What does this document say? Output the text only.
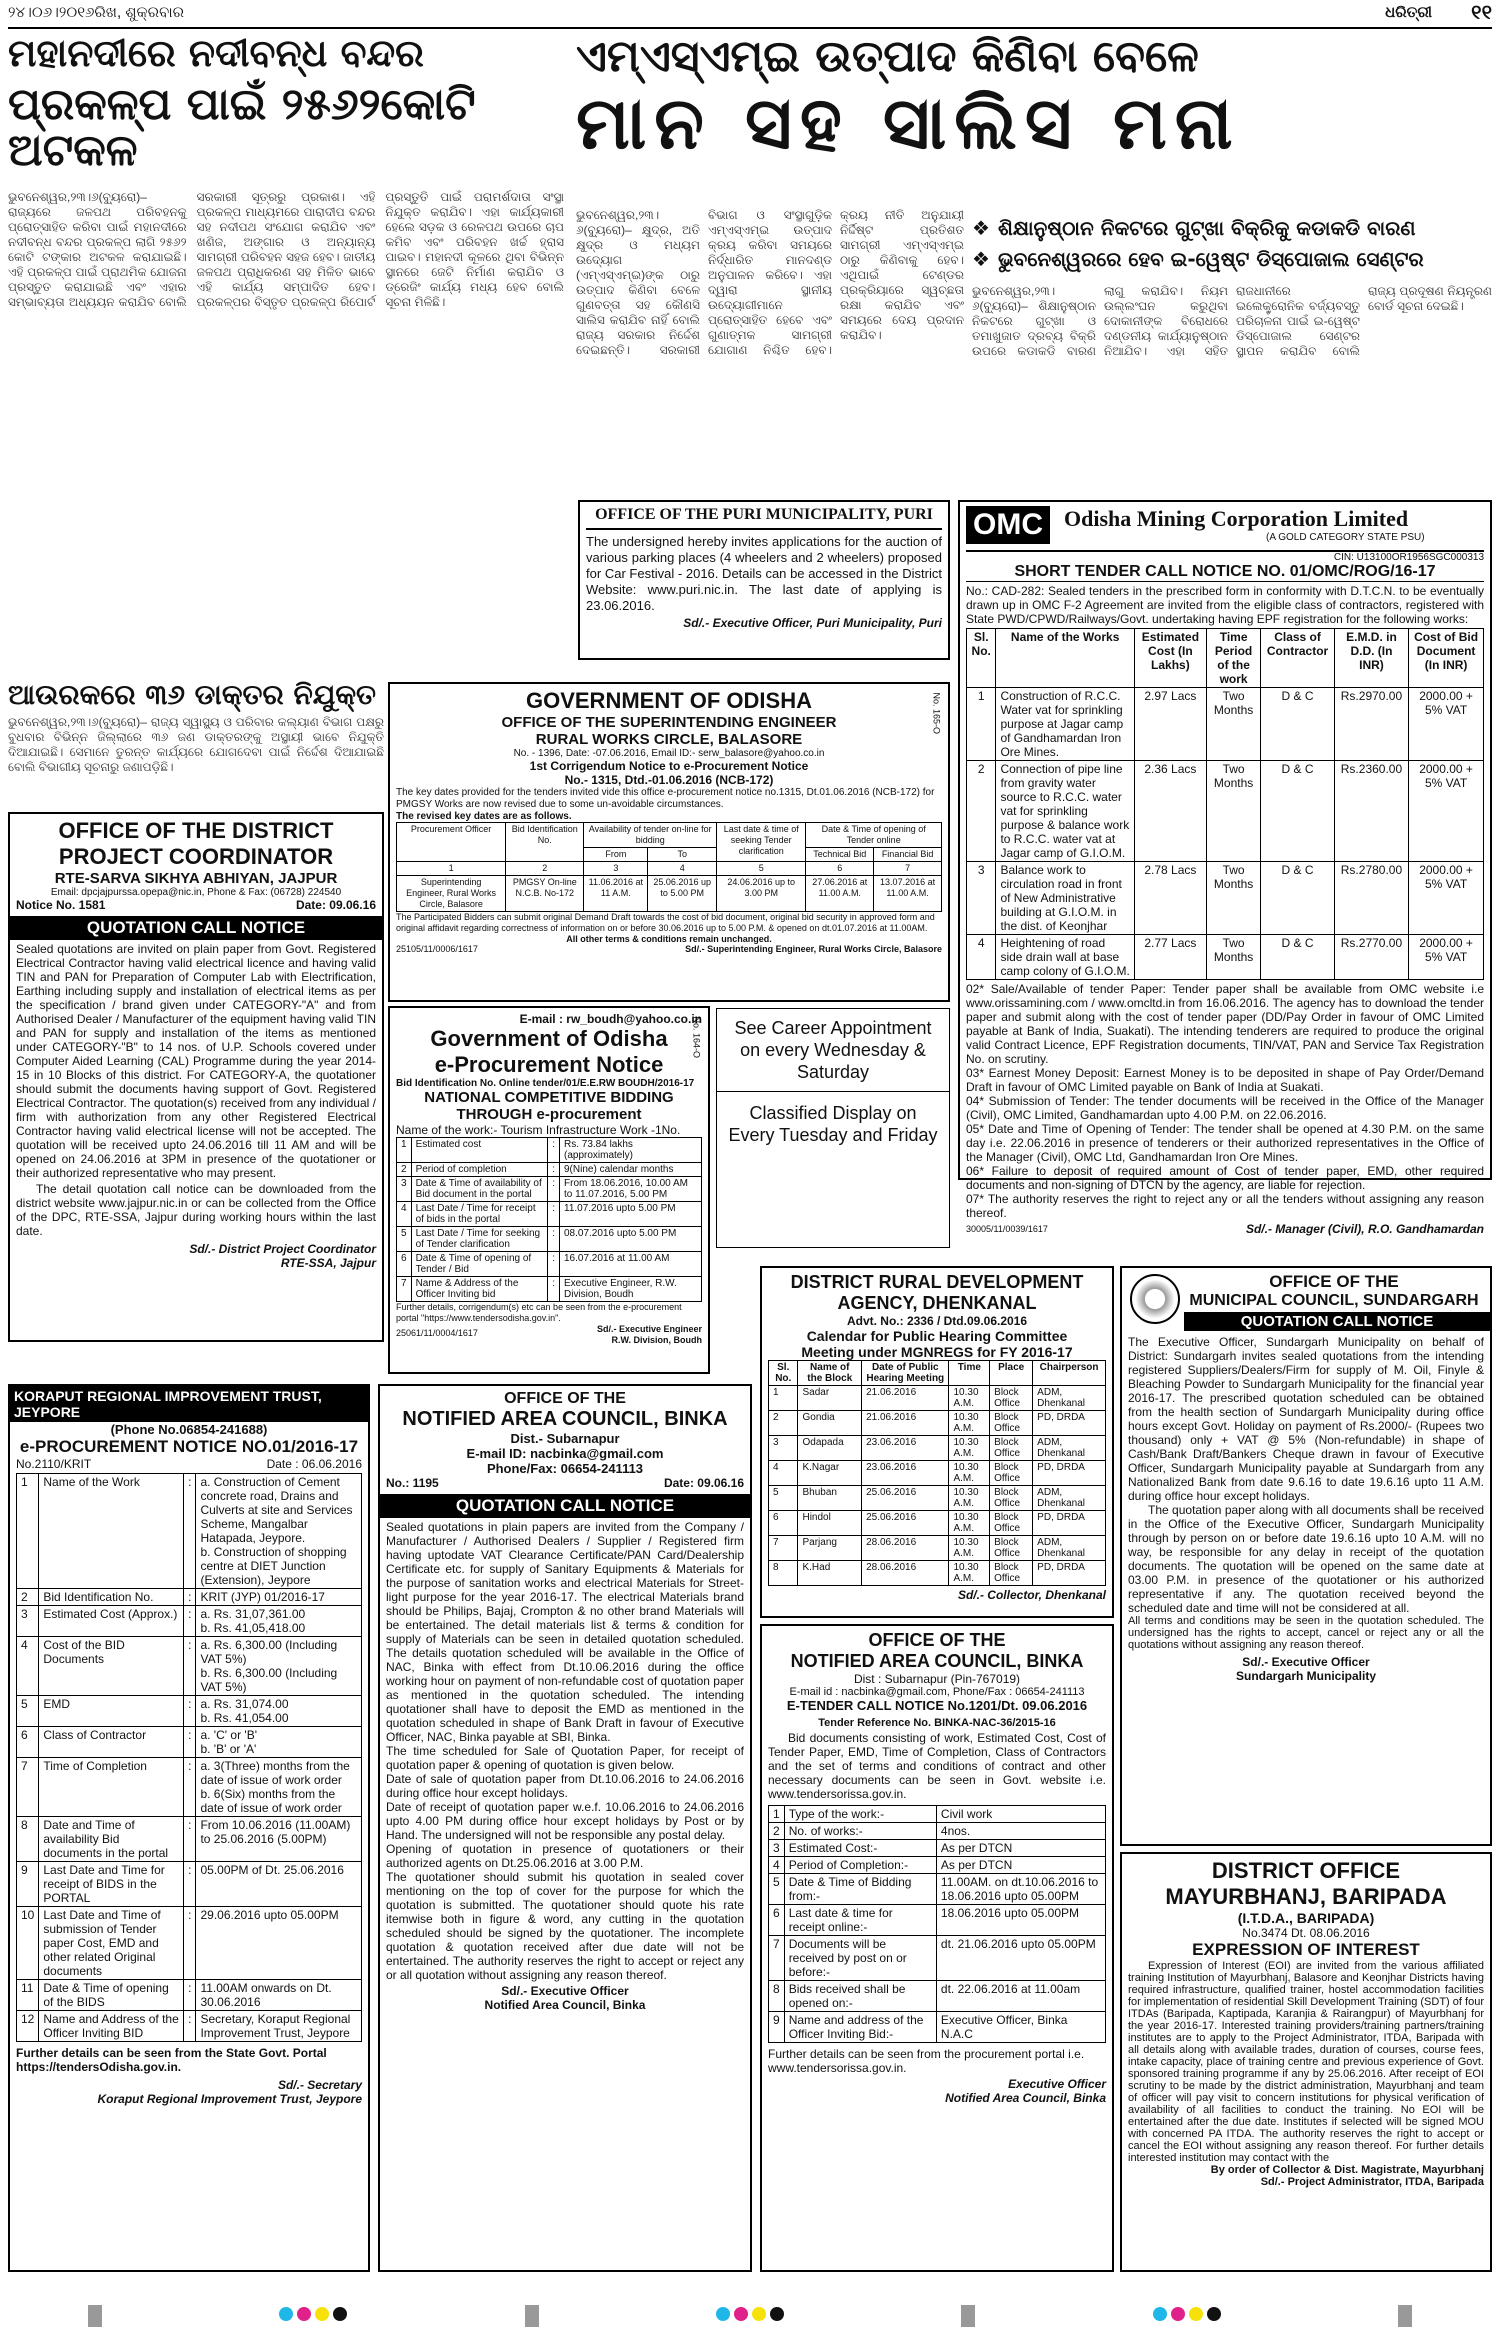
୨୪।୦୬।୨୦୧୬ରିଖ, ଶୁକ୍ରବାର	ଧରିତ୍ରୀ ୧୧
ମହାନଦୀରେ ନଦୀବନ୍ଧ ବନ୍ଦର
ପ୍ରକଳ୍ପ ପାଇଁ ୨୫୬୨କୋଟି ଅଟକଳ
ଭୁବନେଶ୍ୱର,୨୩।୬(ବ୍ୟୁରୋ)– ରାଜ୍ୟରେ ଜଳପଥ ପରିବହନକୁ ପ୍ରୋତ୍ସାହିତ କରିବା ପାଇଁ ମହାନଦୀରେ ନଦୀବନ୍ଧ ବନ୍ଦର ପ୍ରକଳ୍ପ ଲାଗି ୨୫୬୨ କୋଟି ଟଙ୍କାର ଅଟକଳ କରାଯାଇଛି। ଏହି ପ୍ରକଳ୍ପ ପାଇଁ ପ୍ରାଥମିକ ଯୋଜନା ପ୍ରସ୍ତୁତ କରାଯାଇଛି ଏବଂ ଏହାର ସମ୍ଭାବ୍ୟତା ଅଧ୍ୟୟନ କରାଯିବ ବୋଲି ସରକାରୀ ସୂତ୍ରରୁ ପ୍ରକାଶ। ଏହି ପ୍ରକଳ୍ପ ମାଧ୍ୟମରେ ପାରାଦୀପ ବନ୍ଦର ସହ ନଦୀପଥ ସଂଯୋଗ କରାଯିବ ଏବଂ ଖଣିଜ, ଅଙ୍ଗାର ଓ ଅନ୍ୟାନ୍ୟ ସାମଗ୍ରୀ ପରିବହନ ସହଜ ହେବ। ଜାତୀୟ ଜଳପଥ ପ୍ରାଧିକରଣ ସହ ମିଳିତ ଭାବେ ଏହି କାର୍ଯ୍ୟ ସମ୍ପାଦିତ ହେବ। ପ୍ରକଳ୍ପର ବିସ୍ତୃତ ପ୍ରକଳ୍ପ ରିପୋର୍ଟ ପ୍ରସ୍ତୁତି ପାଇଁ ପରାମର୍ଶଦାତା ସଂସ୍ଥା ନିଯୁକ୍ତ କରାଯିବ। ଏହା କାର୍ଯ୍ୟକାରୀ ହେଲେ ସଡ଼କ ଓ ରେଳପଥ ଉପରେ ଚାପ କମିବ ଏବଂ ପରିବହନ ଖର୍ଚ୍ଚ ହ୍ରାସ ପାଇବ। ମହାନଦୀ କୂଳରେ ଥିବା ବିଭିନ୍ନ ସ୍ଥାନରେ ଜେଟି ନିର୍ମାଣ କରାଯିବ ଓ ଡ୍ରେଜିଂ କାର୍ଯ୍ୟ ମଧ୍ୟ ହେବ ବୋଲି ସୂଚନା ମିଳିଛି।
ଆଉରକରେ ୩୬ ଡାକ୍ତର ନିଯୁକ୍ତ
ଭୁବନେଶ୍ୱର,୨୩।୬(ବ୍ୟୁରୋ)– ରାଜ୍ୟ ସ୍ୱାସ୍ଥ୍ୟ ଓ ପରିବାର କଲ୍ୟାଣ ବିଭାଗ ପକ୍ଷରୁ ବୁଧବାର ବିଭିନ୍ନ ଜିଲ୍ଲାରେ ୩୬ ଜଣ ଡାକ୍ତରଙ୍କୁ ଅସ୍ଥାୟୀ ଭାବେ ନିଯୁକ୍ତି ଦିଆଯାଇଛି। ସେମାନେ ତୁରନ୍ତ କାର୍ଯ୍ୟରେ ଯୋଗଦେବା ପାଇଁ ନିର୍ଦ୍ଦେଶ ଦିଆଯାଇଛି ବୋଲି ବିଭାଗୀୟ ସୂଚନାରୁ ଜଣାପଡ଼ିଛି।
ଏମ୍ଏସ୍ଏମ୍ଇ ଉତ୍ପାଦ କିଣିବା ବେଳେ
ମାନ ସହ ସାଲିସ ମନା
ଭୁବନେଶ୍ୱର,୨୩।୬(ବ୍ୟୁରୋ)– କ୍ଷୁଦ୍ର, ଅତି କ୍ଷୁଦ୍ର ଓ ମଧ୍ୟମ ଉଦ୍ୟୋଗ (ଏମ୍ଏସ୍ଏମ୍ଇ)ଙ୍କ ଠାରୁ ଉତ୍ପାଦ କିଣିବା ବେଳେ ଗୁଣବତ୍ତା ସହ କୌଣସି ସାଲିସ କରାଯିବ ନାହିଁ ବୋଲି ରାଜ୍ୟ ସରକାର ନିର୍ଦ୍ଦେଶ ଦେଇଛନ୍ତି। ସରକାରୀ ବିଭାଗ ଓ ସଂସ୍ଥାଗୁଡ଼ିକ ଏମ୍ଏସ୍ଏମ୍ଇ ଉତ୍ପାଦ କ୍ରୟ କରିବା ସମୟରେ ନିର୍ଦ୍ଧାରିତ ମାନଦଣ୍ଡ ଅନୁପାଳନ କରିବେ। ଏହା ଦ୍ୱାରା ସ୍ଥାନୀୟ ଉଦ୍ୟୋଗୀମାନେ ପ୍ରୋତ୍ସାହିତ ହେବେ ଏବଂ ଗୁଣାତ୍ମକ ସାମଗ୍ରୀ ଯୋଗାଣ ନିଶ୍ଚିତ ହେବ। କ୍ରୟ ନୀତି ଅନୁଯାୟୀ ନିର୍ଦ୍ଦିଷ୍ଟ ପ୍ରତିଶତ ସାମଗ୍ରୀ ଏମ୍ଏସ୍ଏମ୍ଇ ଠାରୁ କିଣିବାକୁ ହେବ। ଏଥିପାଇଁ ଟେଣ୍ଡର ପ୍ରକ୍ରିୟାରେ ସ୍ୱଚ୍ଛତା ରକ୍ଷା କରାଯିବ ଏବଂ ସମୟରେ ଦେୟ ପ୍ରଦାନ କରାଯିବ।
❖ ଶିକ୍ଷାନୁଷ୍ଠାନ ନିକଟରେ ଗୁଟ୍ଖା ବିକ୍ରିକୁ କଡାକଡି ବାରଣ
❖ ଭୁବନେଶ୍ୱରରେ ହେବ ଇ-ୱେଷ୍ଟ ଡିସ୍ପୋଜାଲ ସେଣ୍ଟର
ଭୁବନେଶ୍ୱର,୨୩।୬(ବ୍ୟୁରୋ)– ଶିକ୍ଷାନୁଷ୍ଠାନ ନିକଟରେ ଗୁଟ୍ଖା ଓ ତମାଖୁଜାତ ଦ୍ରବ୍ୟ ବିକ୍ରି ଉପରେ କଡାକଡି ବାରଣ ଲାଗୁ କରାଯିବ। ନିୟମ ଉଲ୍ଲଂଘନ କରୁଥିବା ଦୋକାନୀଙ୍କ ବିରୋଧରେ ଦଣ୍ଡନୀୟ କାର୍ଯ୍ୟାନୁଷ୍ଠାନ ନିଆଯିବ। ଏହା ସହିତ ରାଜଧାନୀରେ ଇଲେକ୍ଟ୍ରୋନିକ ବର୍ଜ୍ୟବସ୍ତୁ ପରିଚାଳନା ପାଇଁ ଇ-ୱେଷ୍ଟ ଡିସ୍ପୋଜାଲ ସେଣ୍ଟର ସ୍ଥାପନ କରାଯିବ ବୋଲି ରାଜ୍ୟ ପ୍ରଦୂଷଣ ନିୟନ୍ତ୍ରଣ ବୋର୍ଡ ସୂଚନା ଦେଇଛି।
OFFICE OF THE PURI MUNICIPALITY, PURI
The undersigned hereby invites applications for the auction of various parking places (4 wheelers and 2 wheelers) proposed for Car Festival - 2016. Details can be accessed in the District Website: www.puri.nic.in. The last date of applying is 23.06.2016.
Sd/.- Executive Officer, Puri Municipality, Puri
OMC Odisha Mining Corporation Limited
(A GOLD CATEGORY STATE PSU)
CIN: U13100OR1956SGC000313
SHORT TENDER CALL NOTICE NO. 01/OMC/ROG/16-17
No.: CAD-282: Sealed tenders in the prescribed form in conformity with D.T.C.N. to be eventually drawn up in OMC F-2 Agreement are invited from the eligible class of contractors, registered with State PWD/CPWD/Railways/Govt. undertaking having EPF registration for the following works:
Sl. No.	Name of the Works	Estimated Cost (In Lakhs)	Time Period of the work	Class of Contractor	E.M.D. in D.D. (In INR)	Cost of Bid Document (In INR)
1	Construction of R.C.C. Water vat for sprinkling purpose at Jagar camp of Gandhamardan Iron Ore Mines.	2.97 Lacs	Two Months	D & C	Rs.2970.00	2000.00 + 5% VAT
2	Connection of pipe line from gravity water source to R.C.C. water vat for sprinkling purpose & balance work to R.C.C. water vat at Jagar camp of G.I.O.M.	2.36 Lacs	Two Months	D & C	Rs.2360.00	2000.00 + 5% VAT
3	Balance work to circulation road in front of New Administrative building at G.I.O.M. in the dist. of Keonjhar	2.78 Lacs	Two Months	D & C	Rs.2780.00	2000.00 + 5% VAT
4	Heightening of road side drain wall at base camp colony of G.I.O.M.	2.77 Lacs	Two Months	D & C	Rs.2770.00	2000.00 + 5% VAT
02* Sale/Available of tender Paper: Tender paper shall be available from OMC website i.e www.orissamining.com / www.omcltd.in from 16.06.2016. The agency has to download the tender paper and submit along with the cost of tender paper (DD/Pay Order in favour of OMC Limited payable at Bank of India, Suakati). The intending tenderers are required to produce the original valid Contract Licence, EPF Registration documents, TIN/VAT, PAN and Service Tax Registration No. on scrutiny.
03* Earnest Money Deposit: Earnest Money is to be deposited in shape of Pay Order/Demand Draft in favour of OMC Limited payable on Bank of India at Suakati.
04* Submission of Tender: The tender documents will be received in the Office of the Manager (Civil), OMC Limited, Gandhamardan upto 4.00 P.M. on 22.06.2016.
05* Date and Time of Opening of Tender: The tender shall be opened at 4.30 P.M. on the same day i.e. 22.06.2016 in presence of tenderers or their authorized representatives in the Office of the Manager (Civil), OMC Ltd, Gandhamardan Iron Ore Mines.
06* Failure to deposit of required amount of Cost of tender paper, EMD, other required documents and non-signing of DTCN by the agency, are liable for rejection.
07* The authority reserves the right to reject any or all the tenders without assigning any reason thereof.
30005/11/0039/1617	Sd/.- Manager (Civil), R.O. Gandhamardan
OFFICE OF THE DISTRICT
PROJECT COORDINATOR
RTE-SARVA SIKHYA ABHIYAN, JAJPUR
Email: dpcjajpurssa.opepa@nic.in, Phone & Fax: (06728) 224540
Notice No. 1581	Date: 09.06.16
QUOTATION CALL NOTICE
Sealed quotations are invited on plain paper from Govt. Registered Electrical Contractor having valid electrical licence and having valid TIN and PAN for Preparation of Computer Lab with Electrification, Earthing including supply and installation of electrical items as per the specification / brand given under CATEGORY-"A" and from Authorised Dealer / Manufacturer of the equipment having valid TIN and PAN for supply and installation of the items as mentioned under CATEGORY-"B" to 14 nos. of U.P. Schools covered under Computer Aided Learning (CAL) Programme during the year 2014-15 in 10 Blocks of this district. For CATEGORY-A, the quotationer should submit the documents having support of Govt. Registered Electrical Contractor. The quotation(s) received from any individual / firm with authorization from any other Registered Electrical Contractor having valid electrical license will not be accepted. The quotation will be received upto 24.06.2016 till 11 AM and will be opened on 24.06.2016 at 3PM in presence of the quotationer or their authorized representative who may present.
The detail quotation call notice can be downloaded from the district website www.jajpur.nic.in or can be collected from the Office of the DPC, RTE-SSA, Jajpur during working hours within the last date.
Sd/.- District Project Coordinator
RTE-SSA, Jajpur
GOVERNMENT OF ODISHA
OFFICE OF THE SUPERINTENDING ENGINEER
RURAL WORKS CIRCLE, BALASORE
No. - 1396, Date: -07.06.2016, Email ID:- serw_balasore@yahoo.co.in
1st Corrigendum Notice to e-Procurement Notice
No.- 1315, Dtd.-01.06.2016 (NCB-172)
The key dates provided for the tenders invited vide this office e-procurement notice no.1315, Dt.01.06.2016 (NCB-172) for PMGSY Works are now revised due to some un-avoidable circumstances.
The revised key dates are as follows.
Procurement Officer	Bid Identification No.	Availability of tender on-line for bidding		Last date & time of seeking Tender clarification	Date & Time of opening of Tender online	
		From	To		Technical Bid	Financial Bid
1	2	3	4	5	6	7
Superintending Engineer, Rural Works Circle, Balasore	PMGSY On-line N.C.B. No-172	11.06.2016 at 11 A.M.	25.06.2016 up to 5.00 PM	24.06.2016 up to 3.00 PM	27.06.2016 at 11.00 A.M.	13.07.2016 at 11.00 A.M.
The Participated Bidders can submit original Demand Draft towards the cost of bid document, original bid security in approved form and original affidavit regarding correctness of information on or before 30.06.2016 up to 5.00 P.M. & opened on dt.01.07.2016 at 11.00AM.
All other terms & conditions remain unchanged.
25105/11/0006/1617	Sd/.- Superintending Engineer, Rural Works Circle, Balasore
No. 165-O
E-mail : rw_boudh@yahoo.co.in
Government of Odisha
e-Procurement Notice
Bid Identification No. Online tender/01/E.E.RW BOUDH/2016-17
NATIONAL COMPETITIVE BIDDING
THROUGH e-procurement
Name of the work:- Tourism Infrastructure Work -1No.
1	Estimated cost	:	Rs. 73.84 lakhs (approximately)
2	Period of completion	:	9(Nine) calendar months
3	Date & Time of availability of Bid document in the portal	:	From 18.06.2016, 10.00 AM to 11.07.2016, 5.00 PM
4	Last Date / Time for receipt of bids in the portal	:	11.07.2016 upto 5.00 PM
5	Last Date / Time for seeking of Tender clarification	:	08.07.2016 upto 5.00 PM
6	Date & Time of opening of Tender / Bid	:	16.07.2016 at 11.00 AM
7	Name & Address of the Officer Inviting bid	:	Executive Engineer, R.W. Division, Boudh
Further details, corrigendum(s) etc can be seen from the e-procurement portal "https://www.tendersodisha.gov.in".
25061/11/0004/1617	Sd/.- Executive Engineer
R.W. Division, Boudh
No. 164-O	See Career Appointment on every Wednesday & Saturday
Classified Display on Every Tuesday and Friday
KORAPUT REGIONAL IMPROVEMENT TRUST, JEYPORE
(Phone No.06854-241688)
e-PROCUREMENT NOTICE NO.01/2016-17
No.2110/KRIT	Date : 06.06.2016
1	Name of the Work	:	a. Construction of Cement concrete road, Drains and Culverts at site and Services Scheme, Mangalbar Hatapada, Jeypore.
b. Construction of shopping centre at DIET Junction (Extension), Jeypore
2	Bid Identification No.	:	KRIT (JYP) 01/2016-17
3	Estimated Cost (Approx.)	:	a. Rs. 31,07,361.00
b. Rs. 41,05,418.00
4	Cost of the BID Documents	:	a. Rs. 6,300.00 (Including VAT 5%)
b. Rs. 6,300.00 (Including VAT 5%)
5	EMD	:	a. Rs. 31,074.00
b. Rs. 41,054.00
6	Class of Contractor	:	a. 'C' or 'B'
b. 'B' or 'A'
7	Time of Completion	:	a. 3(Three) months from the date of issue of work order
b. 6(Six) months from the date of issue of work order
8	Date and Time of availability Bid documents in the portal	:	From 10.06.2016 (11.00AM) to 25.06.2016 (5.00PM)
9	Last Date and Time for receipt of BIDS in the PORTAL	:	05.00PM of Dt. 25.06.2016
10	Last Date and Time of submission of Tender paper Cost, EMD and other related Original documents	:	29.06.2016 upto 05.00PM
11	Date & Time of opening of the BIDS	:	11.00AM onwards on Dt. 30.06.2016
12	Name and Address of the Officer Inviting BID	:	Secretary, Koraput Regional Improvement Trust, Jeypore
Further details can be seen from the State Govt. Portal https://tendersOdisha.gov.in.
Sd/.- Secretary
Koraput Regional Improvement Trust, Jeypore
OFFICE OF THE
NOTIFIED AREA COUNCIL, BINKA
Dist.- Subarnapur
E-mail ID: nacbinka@gmail.com
Phone/Fax: 06654-241113
No.: 1195	Date: 09.06.16
QUOTATION CALL NOTICE
Sealed quotations in plain papers are invited from the Company / Manufacturer / Authorised Dealers / Supplier / Registered firm having uptodate VAT Clearance Certificate/PAN Card/Dealership Certificate etc. for supply of Sanitary Equipments & Materials for the purpose of sanitation works and electrical Materials for Street-light purpose for the year 2016-17. The electrical Materials brand should be Philips, Bajaj, Crompton & no other brand Materials will be entertained. The detail materials list & terms & condition for supply of Materials can be seen in detailed quotation scheduled. The details quotation scheduled will be available in the Office of NAC, Binka with effect from Dt.10.06.2016 during the office working hour on payment of non-refundable cost of quotation paper as mentioned in the quotation scheduled. The intending quotationer shall have to deposit the EMD as mentioned in the quotation scheduled in shape of Bank Draft in favour of Executive Officer, NAC, Binka payable at SBI, Binka.
The time scheduled for Sale of Quotation Paper, for receipt of quotation paper & opening of quotation is given below.
Date of sale of quotation paper from Dt.10.06.2016 to 24.06.2016 during office hour except holidays.
Date of receipt of quotation paper w.e.f. 10.06.2016 to 24.06.2016 upto 4.00 PM during office hour except holidays by Post or by Hand. The undersigned will not be responsible any postal delay.
Opening of quotation in presence of quotationers or their authorized agents on Dt.25.06.2016 at 3.00 P.M.
The quotationer should submit his quotation in sealed cover mentioning on the top of cover for the purpose for which the quotation is submitted. The quotationer should quote his rate itemwise both in figure & word, any cutting in the quotation scheduled should be signed by the quotationer. The incomplete quotation & quotation received after due date will not be entertained. The authority reserves the right to accept or reject any or all quotation without assigning any reason thereof.
Sd/.- Executive Officer
Notified Area Council, Binka
DISTRICT RURAL DEVELOPMENT
AGENCY, DHENKANAL
Advt. No.: 2336 / Dtd.09.06.2016
Calendar for Public Hearing Committee
Meeting under MGNREGS for FY 2016-17
Sl. No.	Name of the Block	Date of Public Hearing Meeting	Time	Place	Chairperson
1	Sadar	21.06.2016	10.30 A.M.	Block Office	ADM, Dhenkanal
2	Gondia	21.06.2016	10.30 A.M.	Block Office	PD, DRDA
3	Odapada	23.06.2016	10.30 A.M.	Block Office	ADM, Dhenkanal
4	K.Nagar	23.06.2016	10.30 A.M.	Block Office	PD, DRDA
5	Bhuban	25.06.2016	10.30 A.M.	Block Office	ADM, Dhenkanal
6	Hindol	25.06.2016	10.30 A.M.	Block Office	PD, DRDA
7	Parjang	28.06.2016	10.30 A.M.	Block Office	ADM, Dhenkanal
8	K.Had	28.06.2016	10.30 A.M.	Block Office	PD, DRDA
Sd/.- Collector, Dhenkanal
OFFICE OF THE
NOTIFIED AREA COUNCIL, BINKA
Dist : Subarnapur (Pin-767019)
E-mail id : nacbinka@gmail.com, Phone/Fax : 06654-241113
E-TENDER CALL NOTICE No.1201/Dt. 09.06.2016
Tender Reference No. BINKA-NAC-36/2015-16
Bid documents consisting of work, Estimated Cost, Cost of Tender Paper, EMD, Time of Completion, Class of Contractors and the set of terms and conditions of contract and other necessary documents can be seen in Govt. website i.e. www.tendersorissa.gov.in.
1	Type of the work:-	Civil work
2	No. of works:-	4nos.
3	Estimated Cost:-	As per DTCN
4	Period of Completion:-	As per DTCN
5	Date & Time of Bidding from:-	11.00AM. on dt.10.06.2016 to 18.06.2016 upto 05.00PM
6	Last date & time for receipt online:-	18.06.2016 upto 05.00PM
7	Documents will be received by post on or before:-	dt. 21.06.2016 upto 05.00PM
8	Bids received shall be opened on:-	dt. 22.06.2016 at 11.00am
9	Name and address of the Officer Inviting Bid:-	Executive Officer, Binka N.A.C
Further details can be seen from the procurement portal i.e. www.tendersorissa.gov.in.
Executive Officer
Notified Area Council, Binka
OFFICE OF THE
MUNICIPAL COUNCIL, SUNDARGARH
QUOTATION CALL NOTICE
The Executive Officer, Sundargarh Municipality on behalf of District: Sundargarh invites sealed quotations from the intending registered Suppliers/Dealers/Firm for supply of M. Oil, Finyle & Bleaching Powder to Sundargarh Municipality for the financial year 2016-17. The prescribed quotation scheduled can be obtained from the health section of Sundargarh Municipality during office hours except Govt. Holiday on payment of Rs.2000/- (Rupees two thousand) only + VAT @ 5% (Non-refundable) in shape of Cash/Bank Draft/Bankers Cheque drawn in favour of Executive Officer, Sundargarh Municipality payable at Sundargarh from any Nationalized Bank from date 9.6.16 to date 19.6.16 upto 11 A.M. during office hour except holidays.
The quotation paper along with all documents shall be received in the Office of the Executive Officer, Sundargarh Municipality through by person on or before date 19.6.16 upto 10 A.M. will no way, be responsible for any delay in receipt of the quotation documents. The quotation will be opened on the same date at 03.00 P.M. in presence of the quotationer or his authorized representative if any. The quotation received beyond the scheduled date and time will not be considered at all.
All terms and conditions may be seen in the quotation scheduled. The undersigned has the rights to accept, cancel or reject any or all the quotations without assigning any reason thereof.
Sd/.- Executive Officer
Sundargarh Municipality
DISTRICT OFFICE
MAYURBHANJ, BARIPADA
(I.T.D.A., BARIPADA)
No.3474 Dt. 08.06.2016
EXPRESSION OF INTEREST
Expression of Interest (EOI) are invited from the various affiliated training Institution of Mayurbhanj, Balasore and Keonjhar Districts having required infrastructure, qualified trainer, hostel accommodation facilities for implementation of residential Skill Development Training (SDT) of four ITDAs (Baripada, Kaptipada, Karanjia & Rairangpur) of Mayurbhanj for the year 2016-17. Interested training providers/training partners/training institutes are to apply to the Project Administrator, ITDA, Baripada with all details along with available trades, duration of courses, course fees, intake capacity, place of training centre and previous experience of Govt. sponsored training programme if any by 25.06.2016. After receipt of EOI scrutiny to be made by the district administration, Mayurbhanj and team of officer will pay visit to concern institutions for physical verification of availability of all facilities to conduct the training. No EOI will be entertained after the due date. Institutes if selected will be signed MOU with concerned PA ITDA. The authority reserves the right to accept or cancel the EOI without assigning any reason thereof. For further details interested institution may contact with the
By order of Collector & Dist. Magistrate, Mayurbhanj
Sd/.- Project Administrator, ITDA, Baripada
